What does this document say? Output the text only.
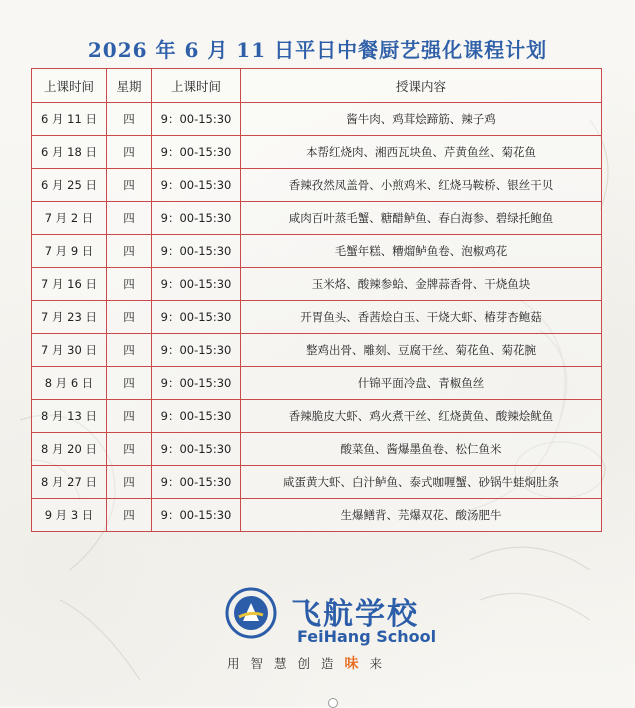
2026 年 6 月 11 日平日中餐厨艺强化课程计划
上课时间	星期	上课时间	授课内容
6 月 11 日	四	9：00-15:30	酱牛肉、鸡茸烩蹄筋、辣子鸡
6 月 18 日	四	9：00-15:30	本帮红烧肉、湘西瓦块鱼、芹黄鱼丝、菊花鱼
6 月 25 日	四	9：00-15:30	香辣孜然凤盖骨、小煎鸡米、红烧马鞍桥、银丝干贝
7 月 2 日	四	9：00-15:30	咸肉百叶蒸毛蟹、糖醋鲈鱼、春白海参、碧绿托鲍鱼
7 月 9 日	四	9：00-15:30	毛蟹年糕、糟熘鲈鱼卷、泡椒鸡花
7 月 16 日	四	9：00-15:30	玉米烙、酸辣参蛤、金牌蒜香骨、干烧鱼块
7 月 23 日	四	9：00-15:30	开胃鱼头、香茜烩白玉、干烧大虾、椿芽杏鲍菇
7 月 30 日	四	9：00-15:30	整鸡出骨、雕刻、豆腐干丝、菊花鱼、菊花腕
8 月 6 日	四	9：00-15:30	什锦平面冷盘、青椒鱼丝
8 月 13 日	四	9：00-15:30	香辣脆皮大虾、鸡火煮干丝、红烧黄鱼、酸辣烩鱿鱼
8 月 20 日	四	9：00-15:30	酸菜鱼、酱爆墨鱼卷、松仁鱼米
8 月 27 日	四	9：00-15:30	咸蛋黄大虾、白汁鲈鱼、泰式咖喱蟹、砂锅牛蛙焖肚条
9 月 3 日	四	9：00-15:30	生爆鳝背、芫爆双花、酸汤肥牛
飞航学校
FeiHang School
用智慧创造味来
